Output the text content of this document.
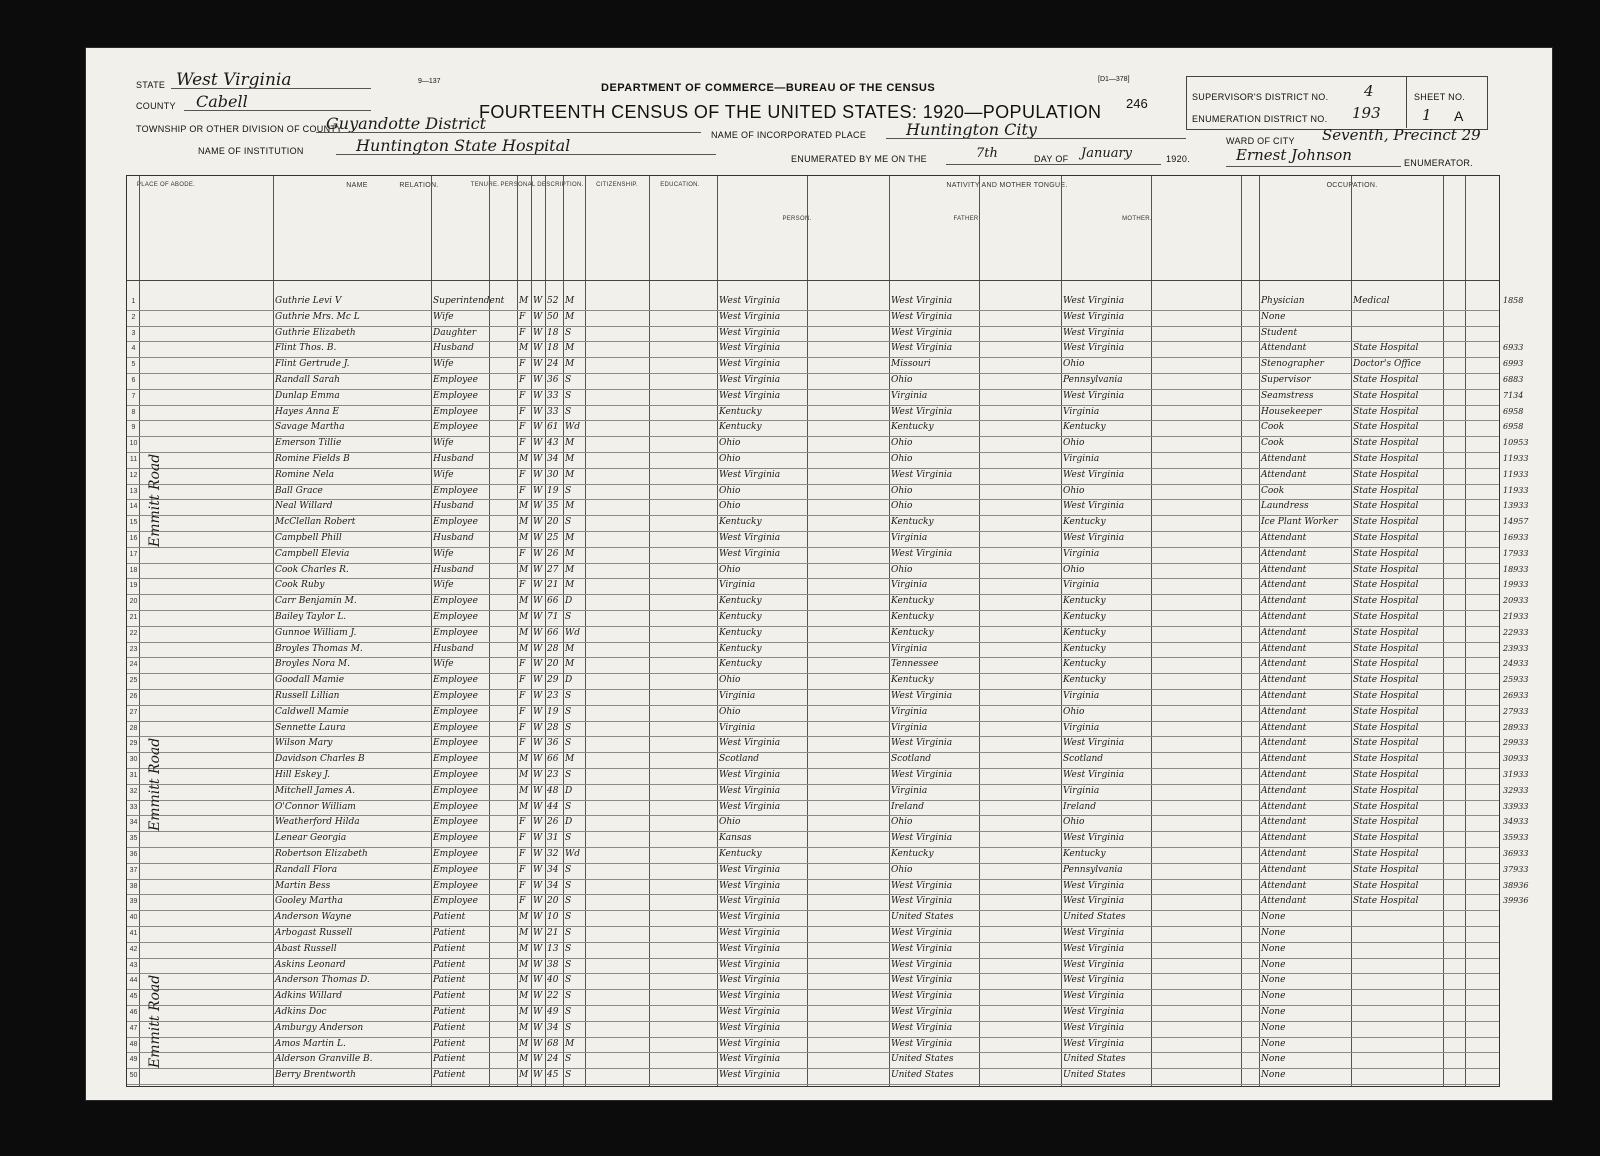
STATE West Virginia
COUNTY Cabell
TOWNSHIP OR OTHER DIVISION OF COUNTY
Guyandotte District
NAME OF INSTITUTION	Huntington State Hospital
9—137
DEPARTMENT OF COMMERCE—BUREAU OF THE CENSUS
FOURTEENTH CENSUS OF THE UNITED STATES: 1920—POPULATION
[D1—378]
246
NAME OF INCORPORATED PLACE Huntington City
ENUMERATED BY ME ON THE	7th	DAY OF January	1920.
SUPERVISOR'S DISTRICT NO. 4
ENUMERATION DISTRICT NO. 193
SHEET NO.
1 A
WARD OF CITY Seventh, Precinct 29
Ernest Johnson	ENUMERATOR.
PLACE OF ABODE.	NAME	RELATION.	TENURE. PERSONAL DESCRIPTION.	CITIZENSHIP.	EDUCATION.	NATIVITY AND MOTHER TONGUE.
PERSON.	FATHER.	MOTHER.
OCCUPATION.
1	Guthrie Levi V	Superintendent M W 52 M	West Virginia	West Virginia	West Virginia	Physician	Medical	1858
2	Guthrie Mrs. Mc L	Wife	F W 50 M	West Virginia	West Virginia	West Virginia	None
3	Guthrie Elizabeth	Daughter	F W 18 S	West Virginia	West Virginia	West Virginia	Student
4	Flint Thos. B.	Husband	M W 18 M	West Virginia	West Virginia	West Virginia	Attendant	State Hospital	6933
5	Flint Gertrude J.	Wife	F W 24 M	West Virginia	Missouri	Ohio	Stenographer	Doctor's Office	6993
6	Randall Sarah	Employee	F W 36 S	West Virginia	Ohio	Pennsylvania	Supervisor	State Hospital	6883
7	Dunlap Emma	Employee	F W 33 S	West Virginia	Virginia	West Virginia	Seamstress	State Hospital	7134
8	Hayes Anna E	Employee	F W 33 S	Kentucky	West Virginia	Virginia	Housekeeper	State Hospital	6958
9	Savage Martha	Employee	F W 61 Wd	Kentucky	Kentucky	Kentucky	Cook	State Hospital	6958
10	Emerson Tillie	Wife	F W 43 M	Ohio	Ohio	Ohio	Cook	State Hospital	10953
11	Romine Fields B	Husband	M W 34 M	Ohio	Ohio	Virginia	Attendant	State Hospital	11933
12	Romine Nela	Wife	F W 30 M	West Virginia	West Virginia	West Virginia	Attendant	State Hospital	11933
13	Ball Grace	Employee	F W 19 S	Ohio	Ohio	Ohio	Cook	State Hospital	11933
14	Neal Willard	Husband	M W 35 M	Ohio	Ohio	West Virginia	Laundress	State Hospital	13933
15	McClellan Robert	Employee	M W 20 S	Kentucky	Kentucky	Kentucky	Ice Plant Worker	State Hospital	14957
16	Campbell Phill	Husband	M W 25 M	West Virginia	Virginia	West Virginia	Attendant	State Hospital	16933
17	Campbell Elevia	Wife	F W 26 M	West Virginia	West Virginia	Virginia	Attendant	State Hospital	17933
18	Cook Charles R.	Husband	M W 27 M	Ohio	Ohio	Ohio	Attendant	State Hospital	18933
19	Cook Ruby	Wife	F W 21 M	Virginia	Virginia	Virginia	Attendant	State Hospital	19933
20	Carr Benjamin M.	Employee	M W 66 D	Kentucky	Kentucky	Kentucky	Attendant	State Hospital	20933
21	Bailey Taylor L.	Employee	M W 71 S	Kentucky	Kentucky	Kentucky	Attendant	State Hospital	21933
22	Gunnoe William J.	Employee	M W 66 Wd	Kentucky	Kentucky	Kentucky	Attendant	State Hospital	22933
23	Broyles Thomas M.	Husband	M W 28 M	Kentucky	Virginia	Kentucky	Attendant	State Hospital	23933
24	Broyles Nora M.	Wife	F W 20 M	Kentucky	Tennessee	Kentucky	Attendant	State Hospital	24933
25	Goodall Mamie	Employee	F W 29 D	Ohio	Kentucky	Kentucky	Attendant	State Hospital	25933
26	Russell Lillian	Employee	F W 23 S	Virginia	West Virginia	Virginia	Attendant	State Hospital	26933
27	Caldwell Mamie	Employee	F W 19 S	Ohio	Virginia	Ohio	Attendant	State Hospital	27933
28	Sennette Laura	Employee	F W 28 S	Virginia	Virginia	Virginia	Attendant	State Hospital	28933
29	Wilson Mary	Employee	F W 36 S	West Virginia	West Virginia	West Virginia	Attendant	State Hospital	29933
30	Davidson Charles B	Employee	M W 66 M	Scotland	Scotland	Scotland	Attendant	State Hospital	30933
31	Hill Eskey J.	Employee	M W 23 S	West Virginia	West Virginia	West Virginia	Attendant	State Hospital	31933
32	Mitchell James A.	Employee	M W 48 D	West Virginia	Virginia	Virginia	Attendant	State Hospital	32933
33	O'Connor William	Employee	M W 44 S	West Virginia	Ireland	Ireland	Attendant	State Hospital	33933
34	Weatherford Hilda	Employee	F W 26 D	Ohio	Ohio	Ohio	Attendant	State Hospital	34933
35	Lenear Georgia	Employee	F W 31 S	Kansas	West Virginia	West Virginia	Attendant	State Hospital	35933
36	Robertson Elizabeth	Employee	F W 32 Wd	Kentucky	Kentucky	Kentucky	Attendant	State Hospital	36933
37	Randall Flora	Employee	F W 34 S	West Virginia	Ohio	Pennsylvania	Attendant	State Hospital	37933
38	Martin Bess	Employee	F W 34 S	West Virginia	West Virginia	West Virginia	Attendant	State Hospital	38936
39	Gooley Martha	Employee	F W 20 S	West Virginia	West Virginia	West Virginia	Attendant	State Hospital	39936
40	Anderson Wayne	Patient	M W 10 S	West Virginia	United States	United States	None
41	Arbogast Russell	Patient	M W 21 S	West Virginia	West Virginia	West Virginia	None
42	Abast Russell	Patient	M W 13 S	West Virginia	West Virginia	West Virginia	None
43	Askins Leonard	Patient	M W 38 S	West Virginia	West Virginia	West Virginia	None
44	Anderson Thomas D.	Patient	M W 40 S	West Virginia	West Virginia	West Virginia	None
45	Adkins Willard	Patient	M W 22 S	West Virginia	West Virginia	West Virginia	None
46	Adkins Doc	Patient	M W 49 S	West Virginia	West Virginia	West Virginia	None
47	Amburgy Anderson	Patient	M W 34 S	West Virginia	West Virginia	West Virginia	None
48	Amos Martin L.	Patient	M W 68 M	West Virginia	West Virginia	West Virginia	None
49	Alderson Granville B.	Patient	M W 24 S	West Virginia	United States	United States	None
50	Berry Brentworth	Patient	M W 45 S	West Virginia	United States	United States	None
Emmitt Road
Emmitt Road
Emmitt Road
